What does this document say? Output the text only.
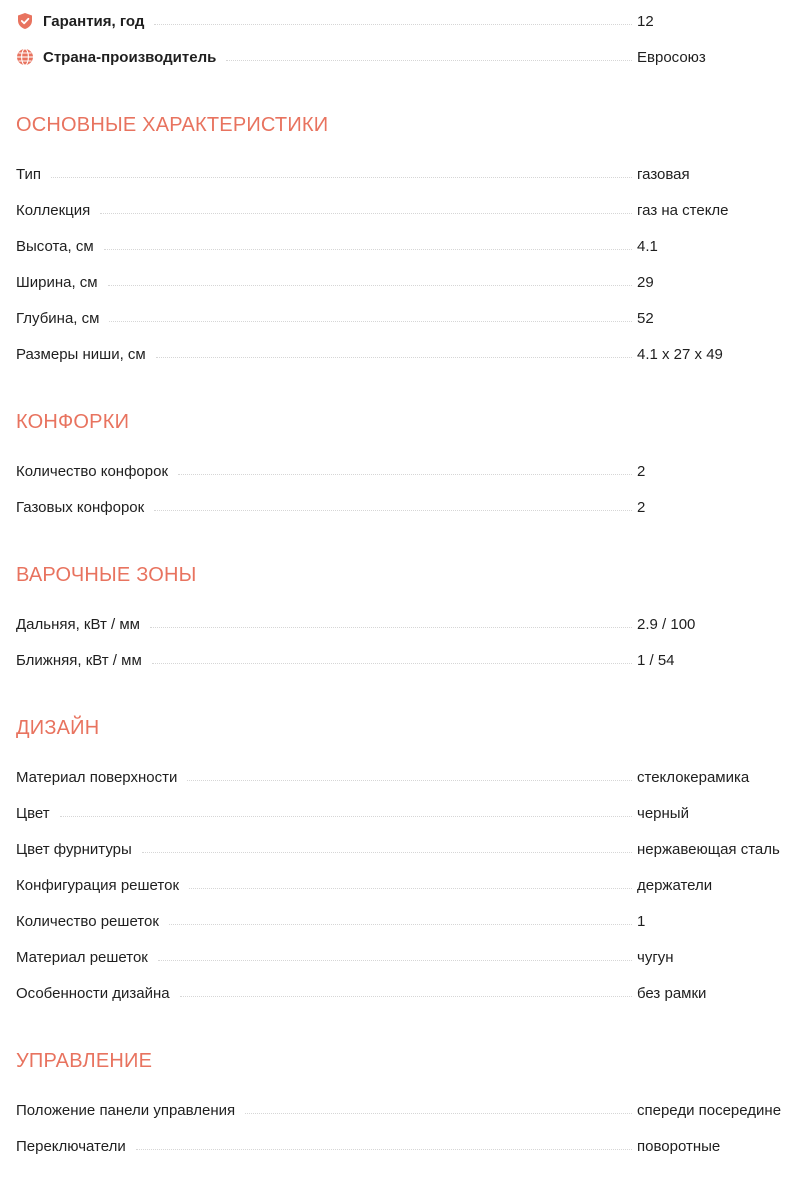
Гарантия, год	12
Страна-производитель	Евросоюз
ОСНОВНЫЕ ХАРАКТЕРИСТИКИ
Тип	газовая
Коллекция	газ на стекле
Высота, см	4.1
Ширина, см	29
Глубина, см	52
Размеры ниши, см	4.1 x 27 x 49
КОНФОРКИ
Количество конфорок	2
Газовых конфорок	2
ВАРОЧНЫЕ ЗОНЫ
Дальняя, кВт / мм	2.9 / 100
Ближняя, кВт / мм	1 / 54
ДИЗАЙН
Материал поверхности	стеклокерамика
Цвет	черный
Цвет фурнитуры	нержавеющая сталь
Конфигурация решеток	держатели
Количество решеток	1
Материал решеток	чугун
Особенности дизайна	без рамки
УПРАВЛЕНИЕ
Положение панели управления	спереди посередине
Переключатели	поворотные
